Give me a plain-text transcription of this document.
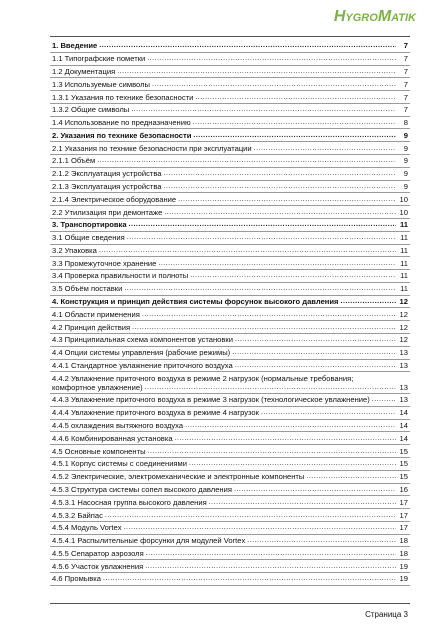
HYGROMATIK
1. Введение .....	7
1.1 Типографские пометки .....	7
1.2 Документация .....	7
1.3 Используемые символы .....	7
1.3.1 Указания по технике безопасности .....	7
1.3.2 Общие символы .....	7
1.4 Использование по предназначению .....	8
2. Указания по технике безопасности .....	9
2.1 Указания по технике безопасности при эксплуатации .....	9
2.1.1 Объём .....	9
2.1.2 Эксплуатация устройства .....	9
2.1.3 Эксплуатация устройства .....	9
2.1.4 Электрическое оборудование .....	10
2.2 Утилизация при демонтаже .....	10
3. Транспортировка .....	11
3.1 Общие сведения .....	11
3.2 Упаковка .....	11
3.3 Промежуточное хранение .....	11
3.4 Проверка правильности и полноты .....	11
3.5 Объём поставки .....	11
4. Конструкция и принцип действия системы форсунок высокого давления .....	12
4.1 Области применения .....	12
4.2 Принцип действия .....	12
4.3 Принципиальная схема компонентов установки .....	12
4.4 Опции системы управления (рабочие режимы) .....	13
4.4.1 Стандартное увлажнение приточного воздуха .....	13
4.4.2 Увлажнение приточного воздуха в режиме 2 нагрузок (нормальные требования;
комфортное увлажнение) .....	13
4.4.3 Увлажнение приточного воздуха в режиме 3 нагрузок (технологическое увлажнение) .....	13
4.4.4 Увлажнение приточного воздуха в режиме 4 нагрузок .....	14
4.4.5 охлаждения вытяжного воздуха .....	14
4.4.6 Комбинированная установка .....	14
4.5 Основные компоненты .....	15
4.5.1 Корпус системы с соединениями .....	15
4.5.2 Электрические, электромеханические и электронные компоненты .....	15
4.5.3 Структура системы сопел высокого давления .....	16
4.5.3.1 Насосная группа высокого давления .....	17
4.5.3.2 Байпас .....	17
4.5.4 Модуль Vortex .....	17
4.5.4.1 Распылительные форсунки для модулей Vortex .....	18
4.5.5 Сепаратор аэрозоля .....	18
4.5.6 Участок увлажнения .....	19
4.6 Промывка .....	19
Страница 3
